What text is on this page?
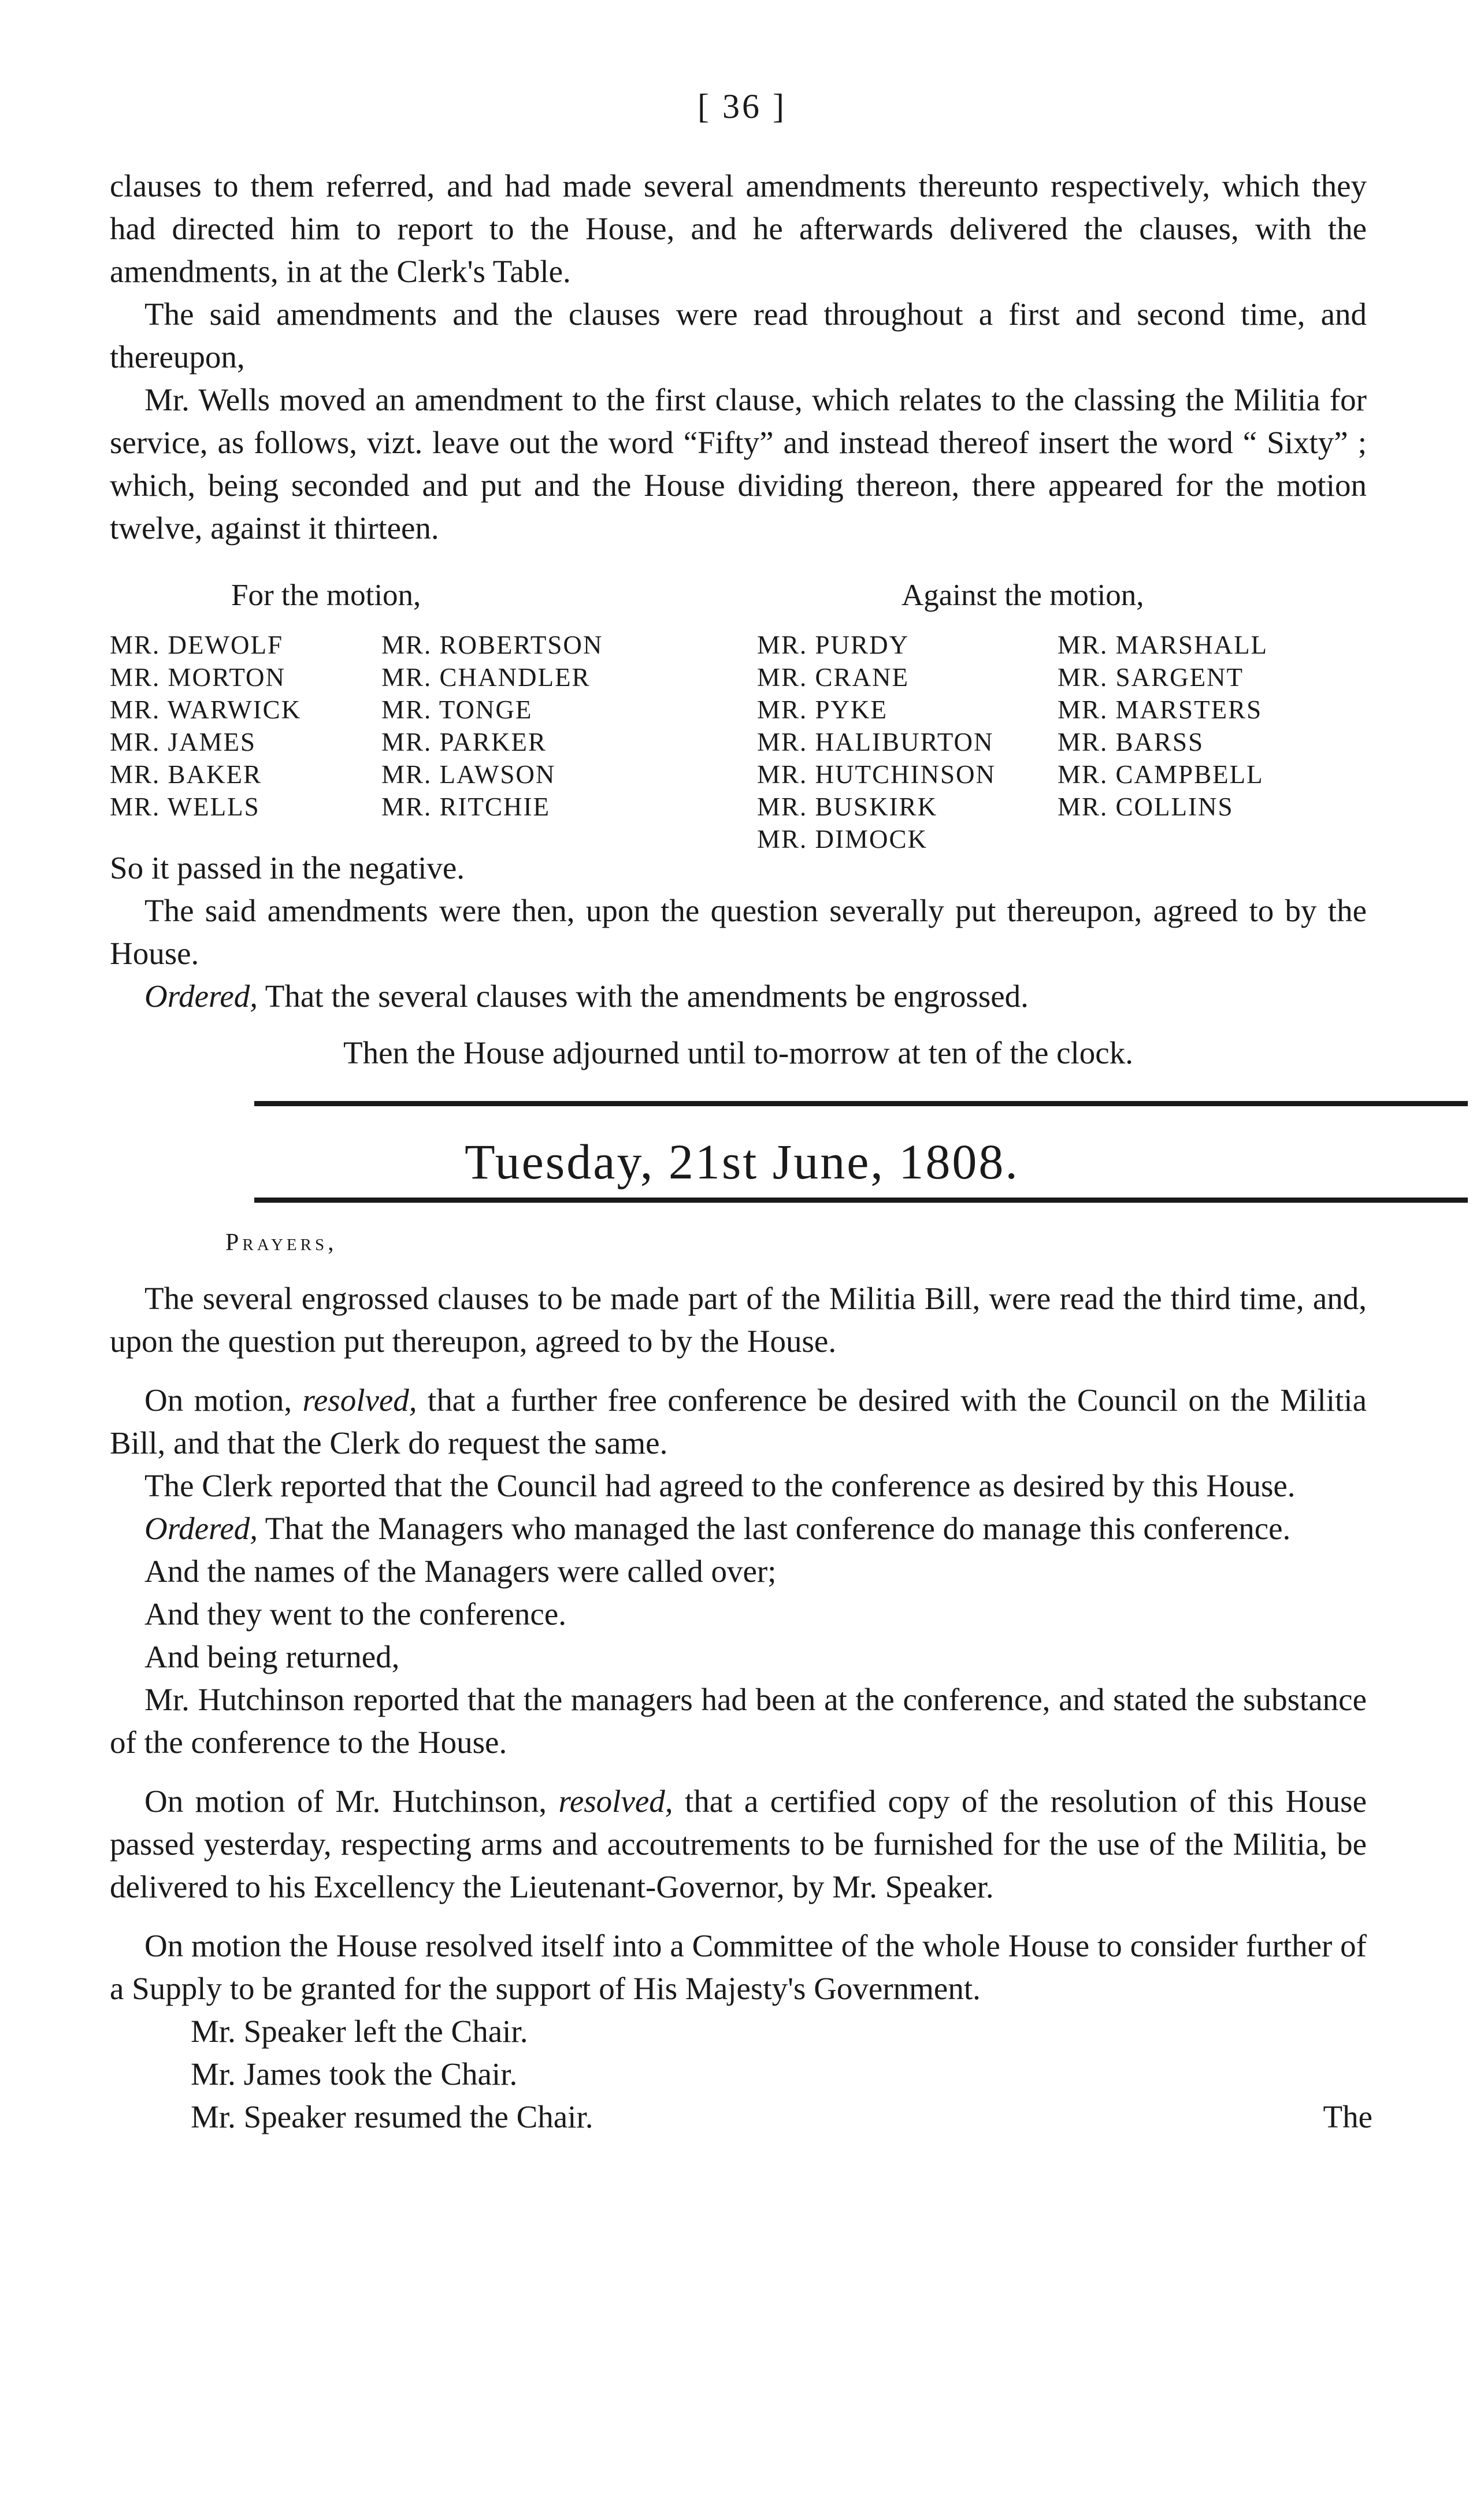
[ 36 ]

clauses to them referred, and had made several amendments thereunto respectively, which they had directed him to report to the House, and he afterwards delivered the clauses, with the amendments, in at the Clerk's Table.

The said amendments and the clauses were read throughout a first and second time, and thereupon,

Mr. Wells moved an amendment to the first clause, which relates to the classing the Militia for service, as follows, vizt. leave out the word “Fifty” and instead thereof insert the word “ Sixty” ; which, being seconded and put and the House dividing thereon, there appeared for the motion twelve, against it thirteen.

For the motion,	Against the motion,
MR. DEWOLF
MR. MORTON
MR. WARWICK
MR. JAMES
MR. BAKER
MR. WELLS
MR. ROBERTSON
MR. CHANDLER
MR. TONGE
MR. PARKER
MR. LAWSON
MR. RITCHIE
MR. PURDY
MR. CRANE
MR. PYKE
MR. HALIBURTON
MR. HUTCHINSON
MR. BUSKIRK
MR. DIMOCK
MR. MARSHALL
MR. SARGENT
MR. MARSTERS
MR. BARSS
MR. CAMPBELL
MR. COLLINS

So it passed in the negative.

The said amendments were then, upon the question severally put thereupon, agreed to by the House.

Ordered, That the several clauses with the amendments be engrossed.

Then the House adjourned until to-morrow at ten of the clock.

Tuesday, 21st June, 1808.
Prayers,

The several engrossed clauses to be made part of the Militia Bill, were read the third time, and, upon the question put thereupon, agreed to by the House.

On motion, resolved, that a further free conference be desired with the Council on the Militia Bill, and that the Clerk do request the same.

The Clerk reported that the Council had agreed to the conference as desired by this House.

Ordered, That the Managers who managed the last conference do manage this conference.

And the names of the Managers were called over;

And they went to the conference.

And being returned,

Mr. Hutchinson reported that the managers had been at the conference, and stated the substance of the conference to the House.

On motion of Mr. Hutchinson, resolved, that a certified copy of the resolution of this House passed yesterday, respecting arms and accoutrements to be furnished for the use of the Militia, be delivered to his Excellency the Lieutenant-Governor, by Mr. Speaker.

On motion the House resolved itself into a Committee of the whole House to consider further of a Supply to be granted for the support of His Majesty's Government.

Mr. Speaker left the Chair.

Mr. James took the Chair.

Mr. Speaker resumed the Chair.	The
